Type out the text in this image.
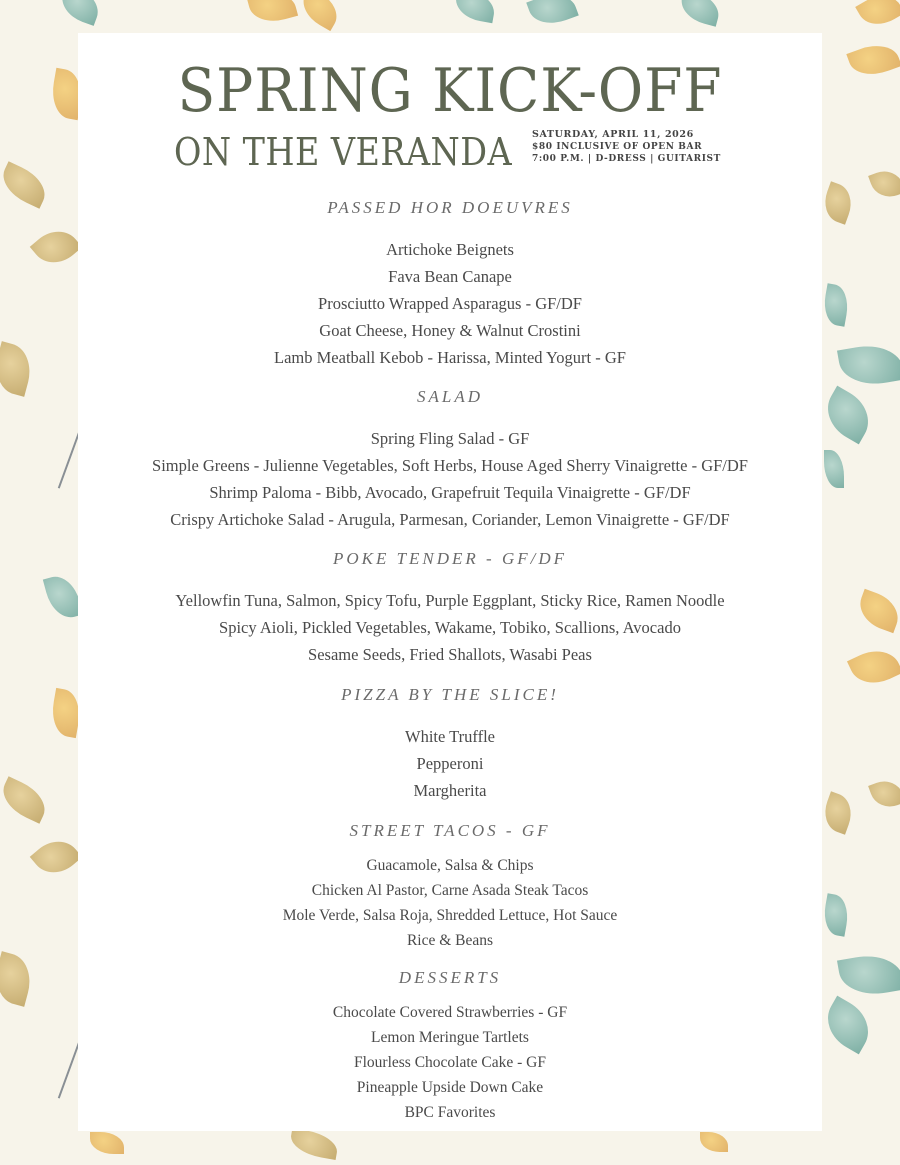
SPRING KICK-OFF
ON THE VERANDA SATURDAY, APRIL 11, 2026
$80 INCLUSIVE OF OPEN BAR
7:00 P.M. | D-DRESS | GUITARIST
PASSED HOR DOEUVRES
Artichoke Beignets
Fava Bean Canape
Prosciutto Wrapped Asparagus - GF/DF
Goat Cheese, Honey & Walnut Crostini
Lamb Meatball Kebob - Harissa, Minted Yogurt - GF
SALAD
Spring Fling Salad - GF
Simple Greens - Julienne Vegetables, Soft Herbs, House Aged Sherry Vinaigrette - GF/DF
Shrimp Paloma - Bibb, Avocado, Grapefruit Tequila Vinaigrette - GF/DF
Crispy Artichoke Salad - Arugula, Parmesan, Coriander, Lemon Vinaigrette - GF/DF
POKE TENDER - GF/DF
Yellowfin Tuna, Salmon, Spicy Tofu, Purple Eggplant, Sticky Rice, Ramen Noodle
Spicy Aioli, Pickled Vegetables, Wakame, Tobiko, Scallions, Avocado
Sesame Seeds, Fried Shallots, Wasabi Peas
PIZZA BY THE SLICE!
White Truffle
Pepperoni
Margherita
STREET TACOS - GF
Guacamole, Salsa & Chips
Chicken Al Pastor, Carne Asada Steak Tacos
Mole Verde, Salsa Roja, Shredded Lettuce, Hot Sauce
Rice & Beans
DESSERTS
Chocolate Covered Strawberries - GF
Lemon Meringue Tartlets
Flourless Chocolate Cake - GF
Pineapple Upside Down Cake
BPC Favorites
